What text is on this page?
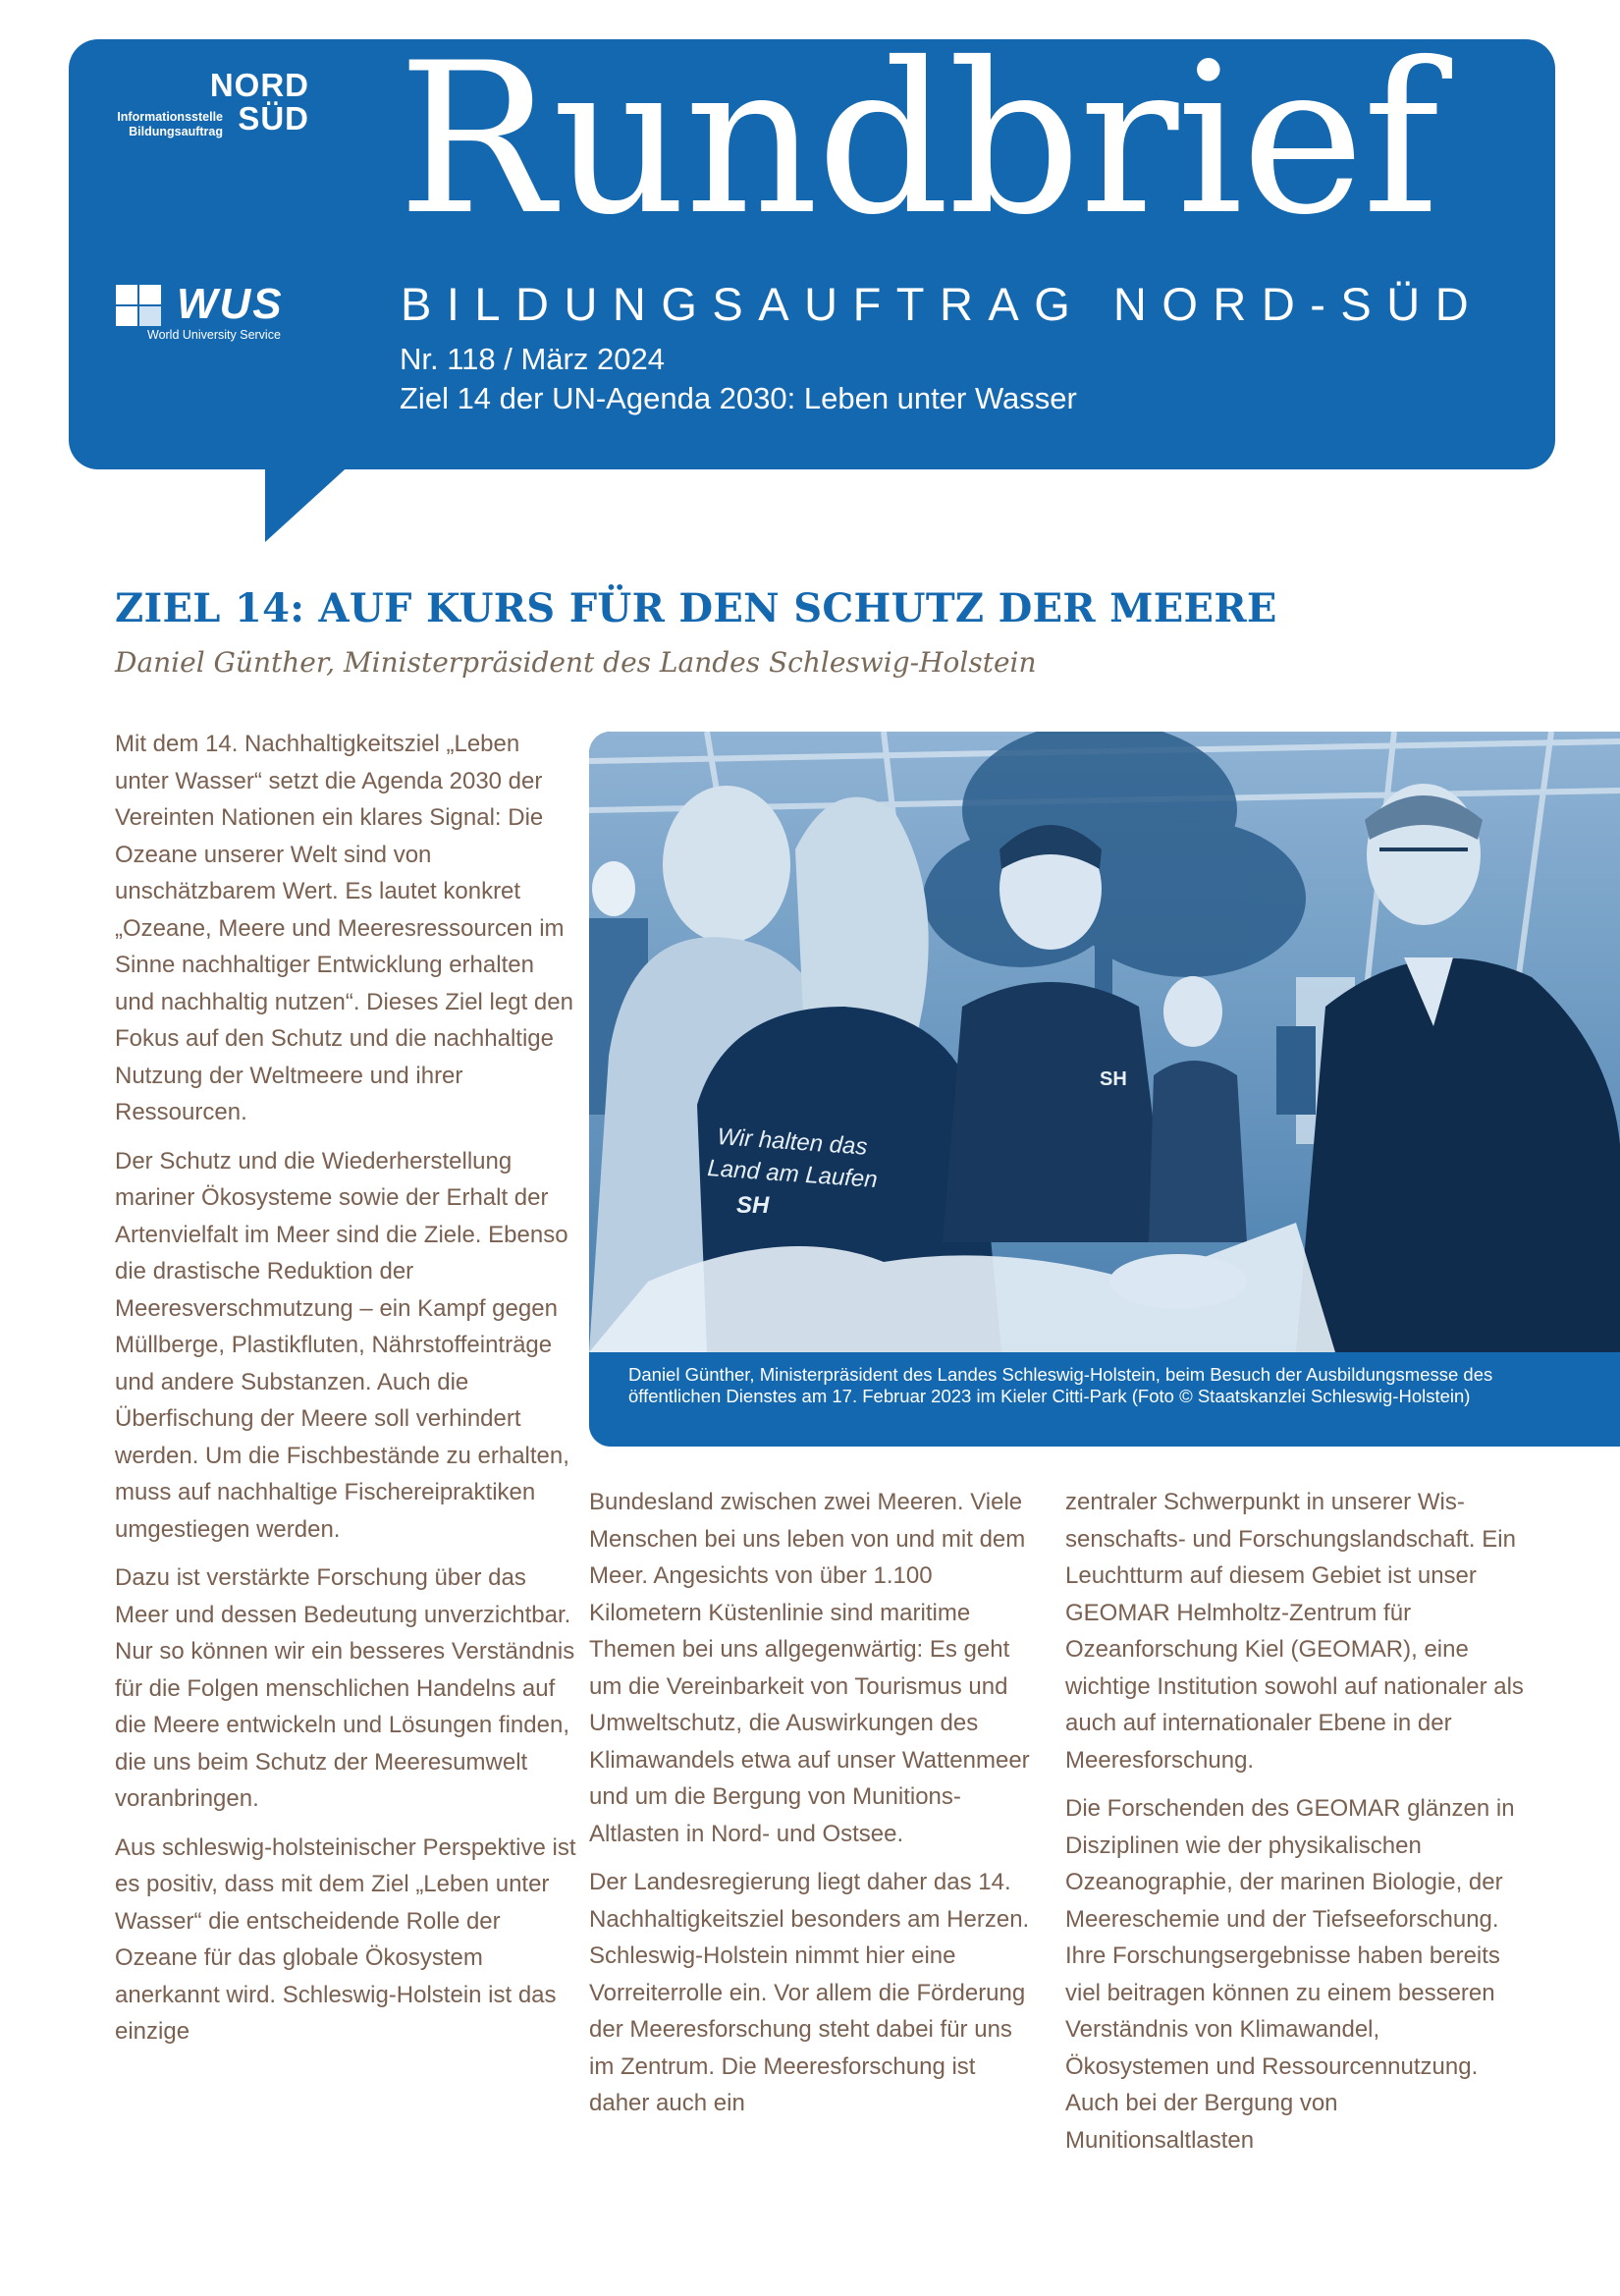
NORD
SÜD
Informationsstelle
Bildungsauftrag
WUS
World University Service
Rundbrief
BILDUNGSAUFTRAG NORD-SÜD
Nr. 118 / März 2024
Ziel 14 der UN-Agenda 2030: Leben unter Wasser
ZIEL 14: AUF KURS FÜR DEN SCHUTZ DER MEERE
Daniel Günther, Ministerpräsident des Landes Schleswig-Holstein

Mit dem 14. Nachhaltigkeitsziel „Leben unter Wasser“ setzt die Agenda 2030 der Vereinten Nationen ein klares Signal: Die Ozeane unserer Welt sind von unschätzbarem Wert. Es lautet konkret „Ozeane, Meere und Meeresressourcen im Sinne nachhaltiger Entwicklung erhalten und nachhaltig nutzen“. Dieses Ziel legt den Fokus auf den Schutz und die nachhaltige Nutzung der Weltmeere und ihrer Ressourcen.

Der Schutz und die Wiederherstellung mariner Ökosysteme sowie der Erhalt der Artenvielfalt im Meer sind die Ziele. Ebenso die drastische Reduktion der Meeresverschmutzung – ein Kampf gegen Müllberge, Plastikfluten, Nährstoffeinträge und andere Substanzen. Auch die Überfischung der Meere soll verhindert werden. Um die Fischbestände zu erhalten, muss auf nachhaltige Fischereipraktiken umgestiegen werden.

Dazu ist verstärkte Forschung über das Meer und dessen Bedeutung unverzichtbar. Nur so können wir ein besseres Verständnis für die Folgen menschlichen Handelns auf die Meere entwickeln und Lösungen finden, die uns beim Schutz der Meeresumwelt voranbringen.

Aus schleswig-holsteinischer Perspektive ist es positiv, dass mit dem Ziel „Leben unter Wasser“ die entscheidende Rolle der Ozeane für das globale Ökosystem anerkannt wird. Schleswig-Holstein ist das einzige

Wir halten das
Land am Laufen
SH
SH
Daniel Günther, Ministerpräsident des Landes Schleswig-Holstein, beim Besuch der Ausbildungsmesse des öffentlichen Dienstes am 17. Februar 2023 im Kieler Citti-Park (Foto © Staatskanzlei Schleswig-Holstein)

Bundesland zwischen zwei Meeren. Viele Menschen bei uns leben von und mit dem Meer. Angesichts von über 1.100 Kilometern Küstenlinie sind maritime Themen bei uns allgegenwärtig: Es geht um die Vereinbarkeit von Tourismus und Umweltschutz, die Auswirkungen des Klimawandels etwa auf unser Wattenmeer und um die Bergung von Munitions-Altlasten in Nord- und Ostsee.

Der Landesregierung liegt daher das 14. Nachhaltigkeitsziel besonders am Herzen. Schleswig-Holstein nimmt hier eine Vorreiterrolle ein. Vor allem die Förderung der Meeresforschung steht dabei für uns im Zentrum. Die Meeresforschung ist daher auch ein

zentraler Schwerpunkt in unserer Wissenschafts- und Forschungslandschaft. Ein Leuchtturm auf diesem Gebiet ist unser GEOMAR Helmholtz-Zentrum für Ozeanforschung Kiel (GEOMAR), eine wichtige Institution sowohl auf nationaler als auch auf internationaler Ebene in der Meeresforschung.

Die Forschenden des GEOMAR glänzen in Disziplinen wie der physikalischen Ozeanographie, der marinen Biologie, der Meereschemie und der Tiefseeforschung. Ihre Forschungsergebnisse haben bereits viel beitragen können zu einem besseren Verständnis von Klimawandel, Ökosystemen und Ressourcennutzung. Auch bei der Bergung von Munitionsaltlasten
